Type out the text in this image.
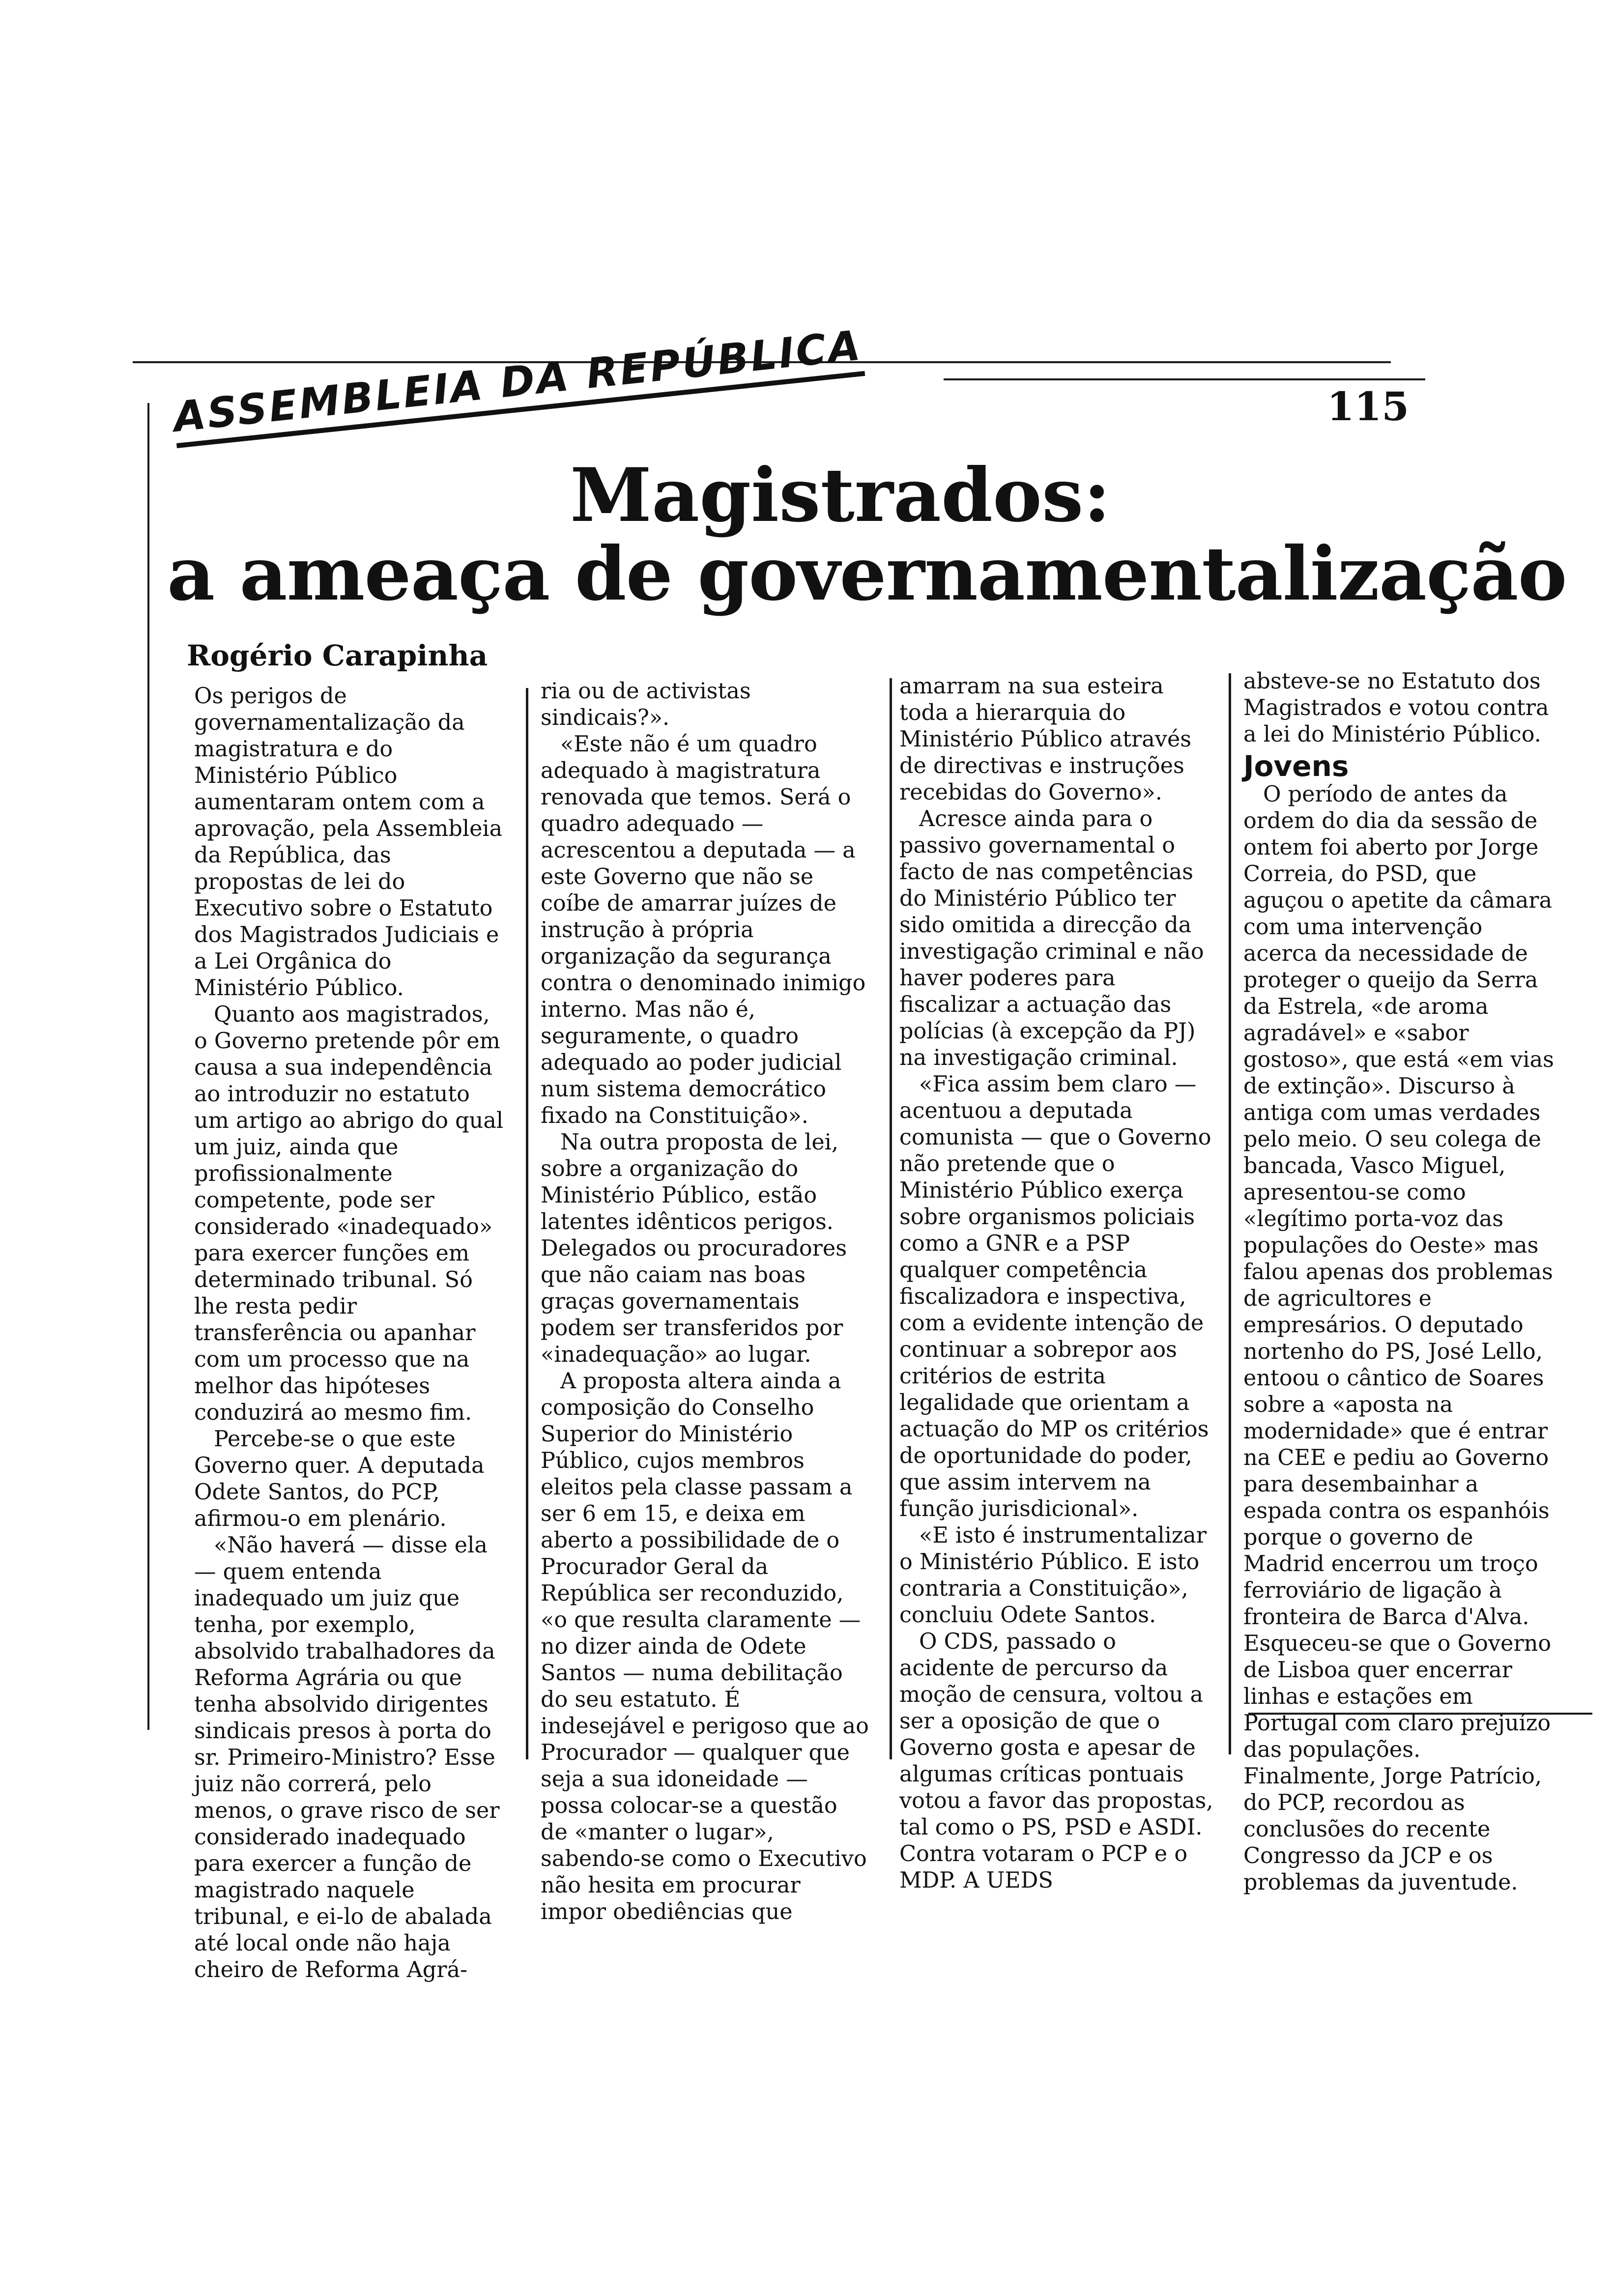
ASSEMBLEIA DA REPÚBLICA	115
Magistrados:
a ameaça de governamentalização
Rogério Carapinha

Os perigos de governamentalização da magistratura e do Ministério Público aumentaram ontem com a aprovação, pela Assembleia da República, das propostas de lei do Executivo sobre o Estatuto dos Magistrados Judiciais e a Lei Orgânica do Ministério Público.

Quanto aos magistrados, o Governo pretende pôr em causa a sua independência ao introduzir no estatuto um artigo ao abrigo do qual um juiz, ainda que profissionalmente competente, pode ser considerado «inadequado» para exercer funções em determinado tribunal. Só lhe resta pedir transferência ou apanhar com um processo que na melhor das hipóteses conduzirá ao mesmo fim.

Percebe-se o que este Governo quer. A deputada Odete Santos, do PCP, afirmou-o em plenário.

«Não haverá — disse ela — quem entenda inadequado um juiz que tenha, por exemplo, absolvido trabalhadores da Reforma Agrária ou que tenha absolvido dirigentes sindicais presos à porta do sr. Primeiro-Ministro? Esse juiz não correrá, pelo menos, o grave risco de ser considerado inadequado para exercer a função de magistrado naquele tribunal, e ei-lo de abalada até local onde não haja cheiro de Reforma Agrá-

ria ou de activistas sindicais?».

«Este não é um quadro adequado à magistratura renovada que temos. Será o quadro adequado — acrescentou a deputada — a este Governo que não se coíbe de amarrar juízes de instrução à própria organização da segurança contra o denominado inimigo interno. Mas não é, seguramente, o quadro adequado ao poder judicial num sistema democrático fixado na Constituição».

Na outra proposta de lei, sobre a organização do Ministério Público, estão latentes idênticos perigos. Delegados ou procuradores que não caiam nas boas graças governamentais podem ser transferidos por «inadequação» ao lugar.

A proposta altera ainda a composição do Conselho Superior do Ministério Público, cujos membros eleitos pela classe passam a ser 6 em 15, e deixa em aberto a possibilidade de o Procurador Geral da República ser reconduzido, «o que resulta claramente — no dizer ainda de Odete Santos — numa debilitação do seu estatuto. É indesejável e perigoso que ao Procurador — qualquer que seja a sua idoneidade — possa colocar-se a questão de «manter o lugar», sabendo-se como o Executivo não hesita em procurar impor obediências que

amarram na sua esteira toda a hierarquia do Ministério Público através de directivas e instruções recebidas do Governo».

Acresce ainda para o passivo governamental o facto de nas competências do Ministério Público ter sido omitida a direcção da investigação criminal e não haver poderes para fiscalizar a actuação das polícias (à excepção da PJ) na investigação criminal.

«Fica assim bem claro — acentuou a deputada comunista — que o Governo não pretende que o Ministério Público exerça sobre organismos policiais como a GNR e a PSP qualquer competência fiscalizadora e inspectiva, com a evidente intenção de continuar a sobrepor aos critérios de estrita legalidade que orientam a actuação do MP os critérios de oportunidade do poder, que assim intervem na função jurisdicional».

«E isto é instrumentalizar o Ministério Público. E isto contraria a Constituição», concluiu Odete Santos.

O CDS, passado o acidente de percurso da moção de censura, voltou a ser a oposição de que o Governo gosta e apesar de algumas críticas pontuais votou a favor das propostas, tal como o PS, PSD e ASDI. Contra votaram o PCP e o MDP. A UEDS

absteve-se no Estatuto dos Magistrados e votou contra a lei do Ministério Público.

Jovens

O período de antes da ordem do dia da sessão de ontem foi aberto por Jorge Correia, do PSD, que aguçou o apetite da câmara com uma intervenção acerca da necessidade de proteger o queijo da Serra da Estrela, «de aroma agradável» e «sabor gostoso», que está «em vias de extinção». Discurso à antiga com umas verdades pelo meio. O seu colega de bancada, Vasco Miguel, apresentou-se como «legítimo porta-voz das populações do Oeste» mas falou apenas dos problemas de agricultores e empresários. O deputado nortenho do PS, José Lello, entoou o cântico de Soares sobre a «aposta na modernidade» que é entrar na CEE e pediu ao Governo para desembainhar a espada contra os espanhóis porque o governo de Madrid encerrou um troço ferroviário de ligação à fronteira de Barca d'Alva. Esqueceu-se que o Governo de Lisboa quer encerrar linhas e estações em Portugal com claro prejuízo das populações. Finalmente, Jorge Patrício, do PCP, recordou as conclusões do recente Congresso da JCP e os problemas da juventude.
